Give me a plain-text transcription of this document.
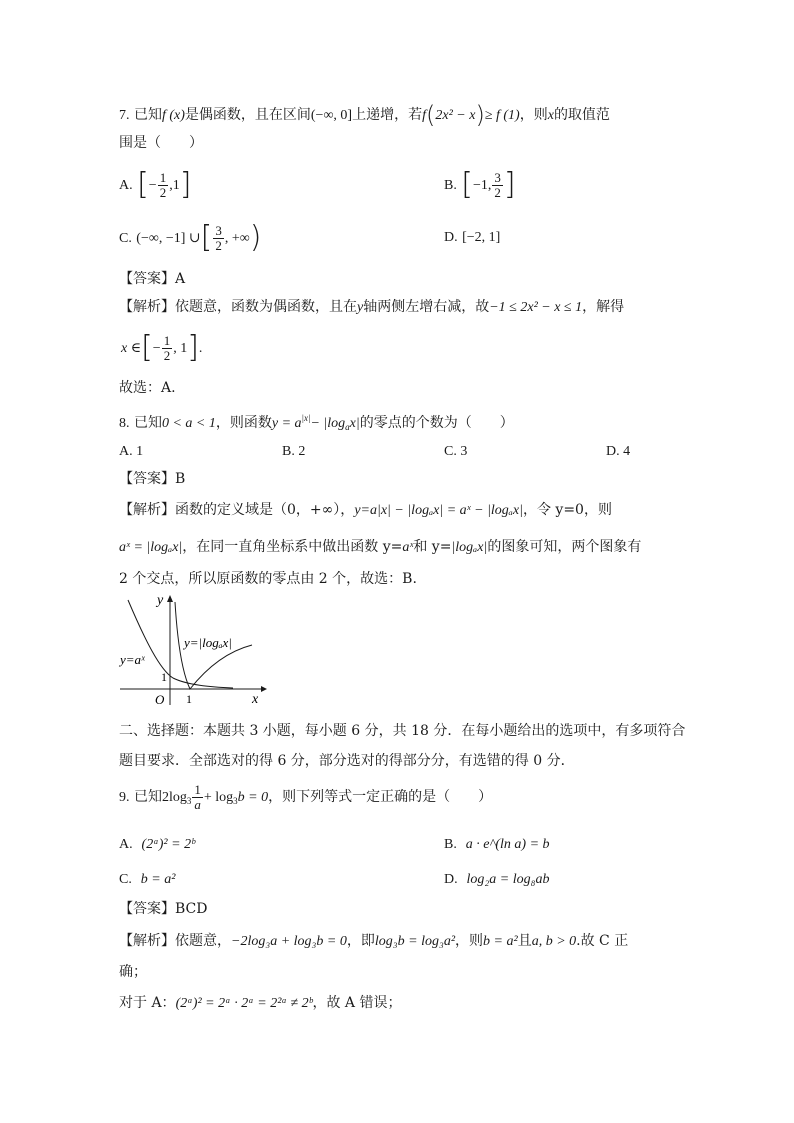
7. 已知f (x)是偶函数，且在区间(−∞, 0]上递增，若f(2x² − x)≥ f (1)，则x的取值范
围是（　　）
A. [− $\frac{1}{2} ,1$]	B. [−1, $\frac{3}{2}$ ]
C. (−∞, −1] ∪[ $\frac{3}{2}$ , +∞)	D. [−2, 1]
【答案】A
【解析】依题意，函数为偶函数，且在y轴两侧左增右减，故−1 ≤ 2x² − x ≤ 1，解得
x ∈[− $\frac{1}{2}$ , 1].
故选：A.
8. 已知0 < a < 1，则函数$y = a^{|x|}- |\log_ax|$的零点的个数为（　　）
A. 1	B. 2	C. 3	D. 4
【答案】B
【解析】函数的定义域是（0，+∞），y=a|x| − |logₐx| = aˣ − |logₐx|，令 y=0，则
aˣ = |logₐx|，在同一直角坐标系中做出函数 y=aˣ和 y=|logₐx|的图象可知，两个图象有
2 个交点，所以原函数的零点由 2 个，故选：B.
y
x
O 1
1
y=aˣ
y=|logₐx|
二、选择题：本题共 3 小题，每小题 6 分，共 18 分．在每小题给出的选项中，有多项符合
题目要求．全部选对的得 6 分，部分选对的得部分分，有选错的得 0 分．
9. 已知$2\log_3 \frac{1}{a} + \log_3b = 0$，则下列等式一定正确的是（　　）
A. (2ᵃ)² = 2ᵇ	B. a · e^(ln a) = b
C. b = a²	D. log₂a = log₈ab
【答案】BCD
【解析】依题意，−2log₃a + log₃b = 0，即log₃b = log₃a²，则b = a²且a, b > 0.故 C 正
确；
对于 A：(2ᵃ)² = 2ᵃ · 2ᵃ = 2²ᵃ ≠ 2ᵇ，故 A 错误；
